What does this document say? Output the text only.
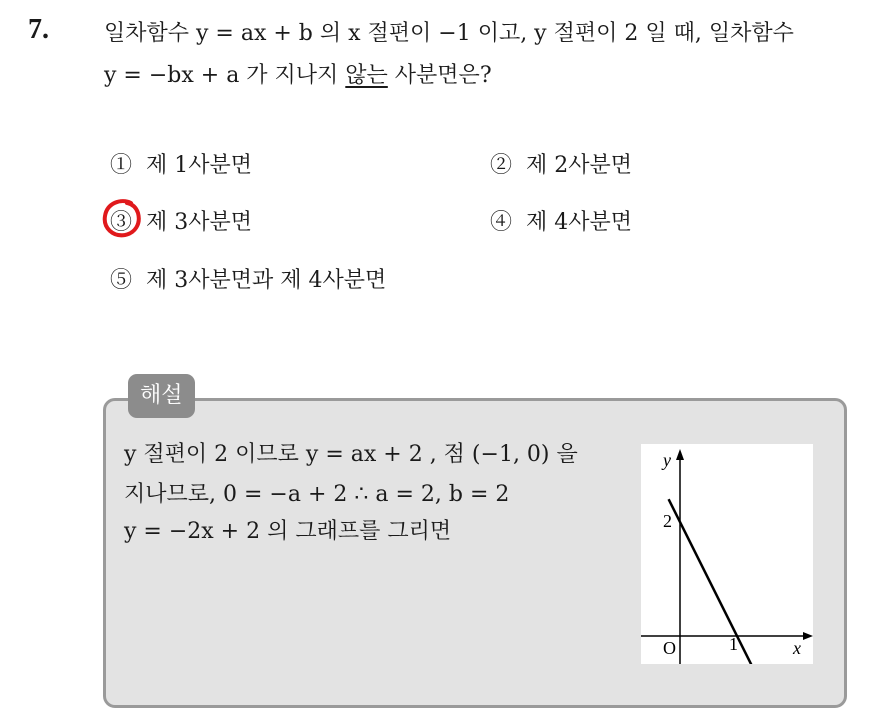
7.	일차함수 y = ax + b 의 x 절편이 −1 이고, y 절편이 2 일 때, 일차함수
y = −bx + a 가 지나지 않는 사분면은?
① 제 1사분면	② 제 2사분면
③ 제 3사분면	④ 제 4사분면
⑤ 제 3사분면과 제 4사분면
해설
y 절편이 2 이므로 y = ax + 2 , 점 (−1, 0) 을
지나므로, 0 = −a + 2 ∴ a = 2, b = 2
y = −2x + 2 의 그래프를 그리면
y
x
O	1
2
